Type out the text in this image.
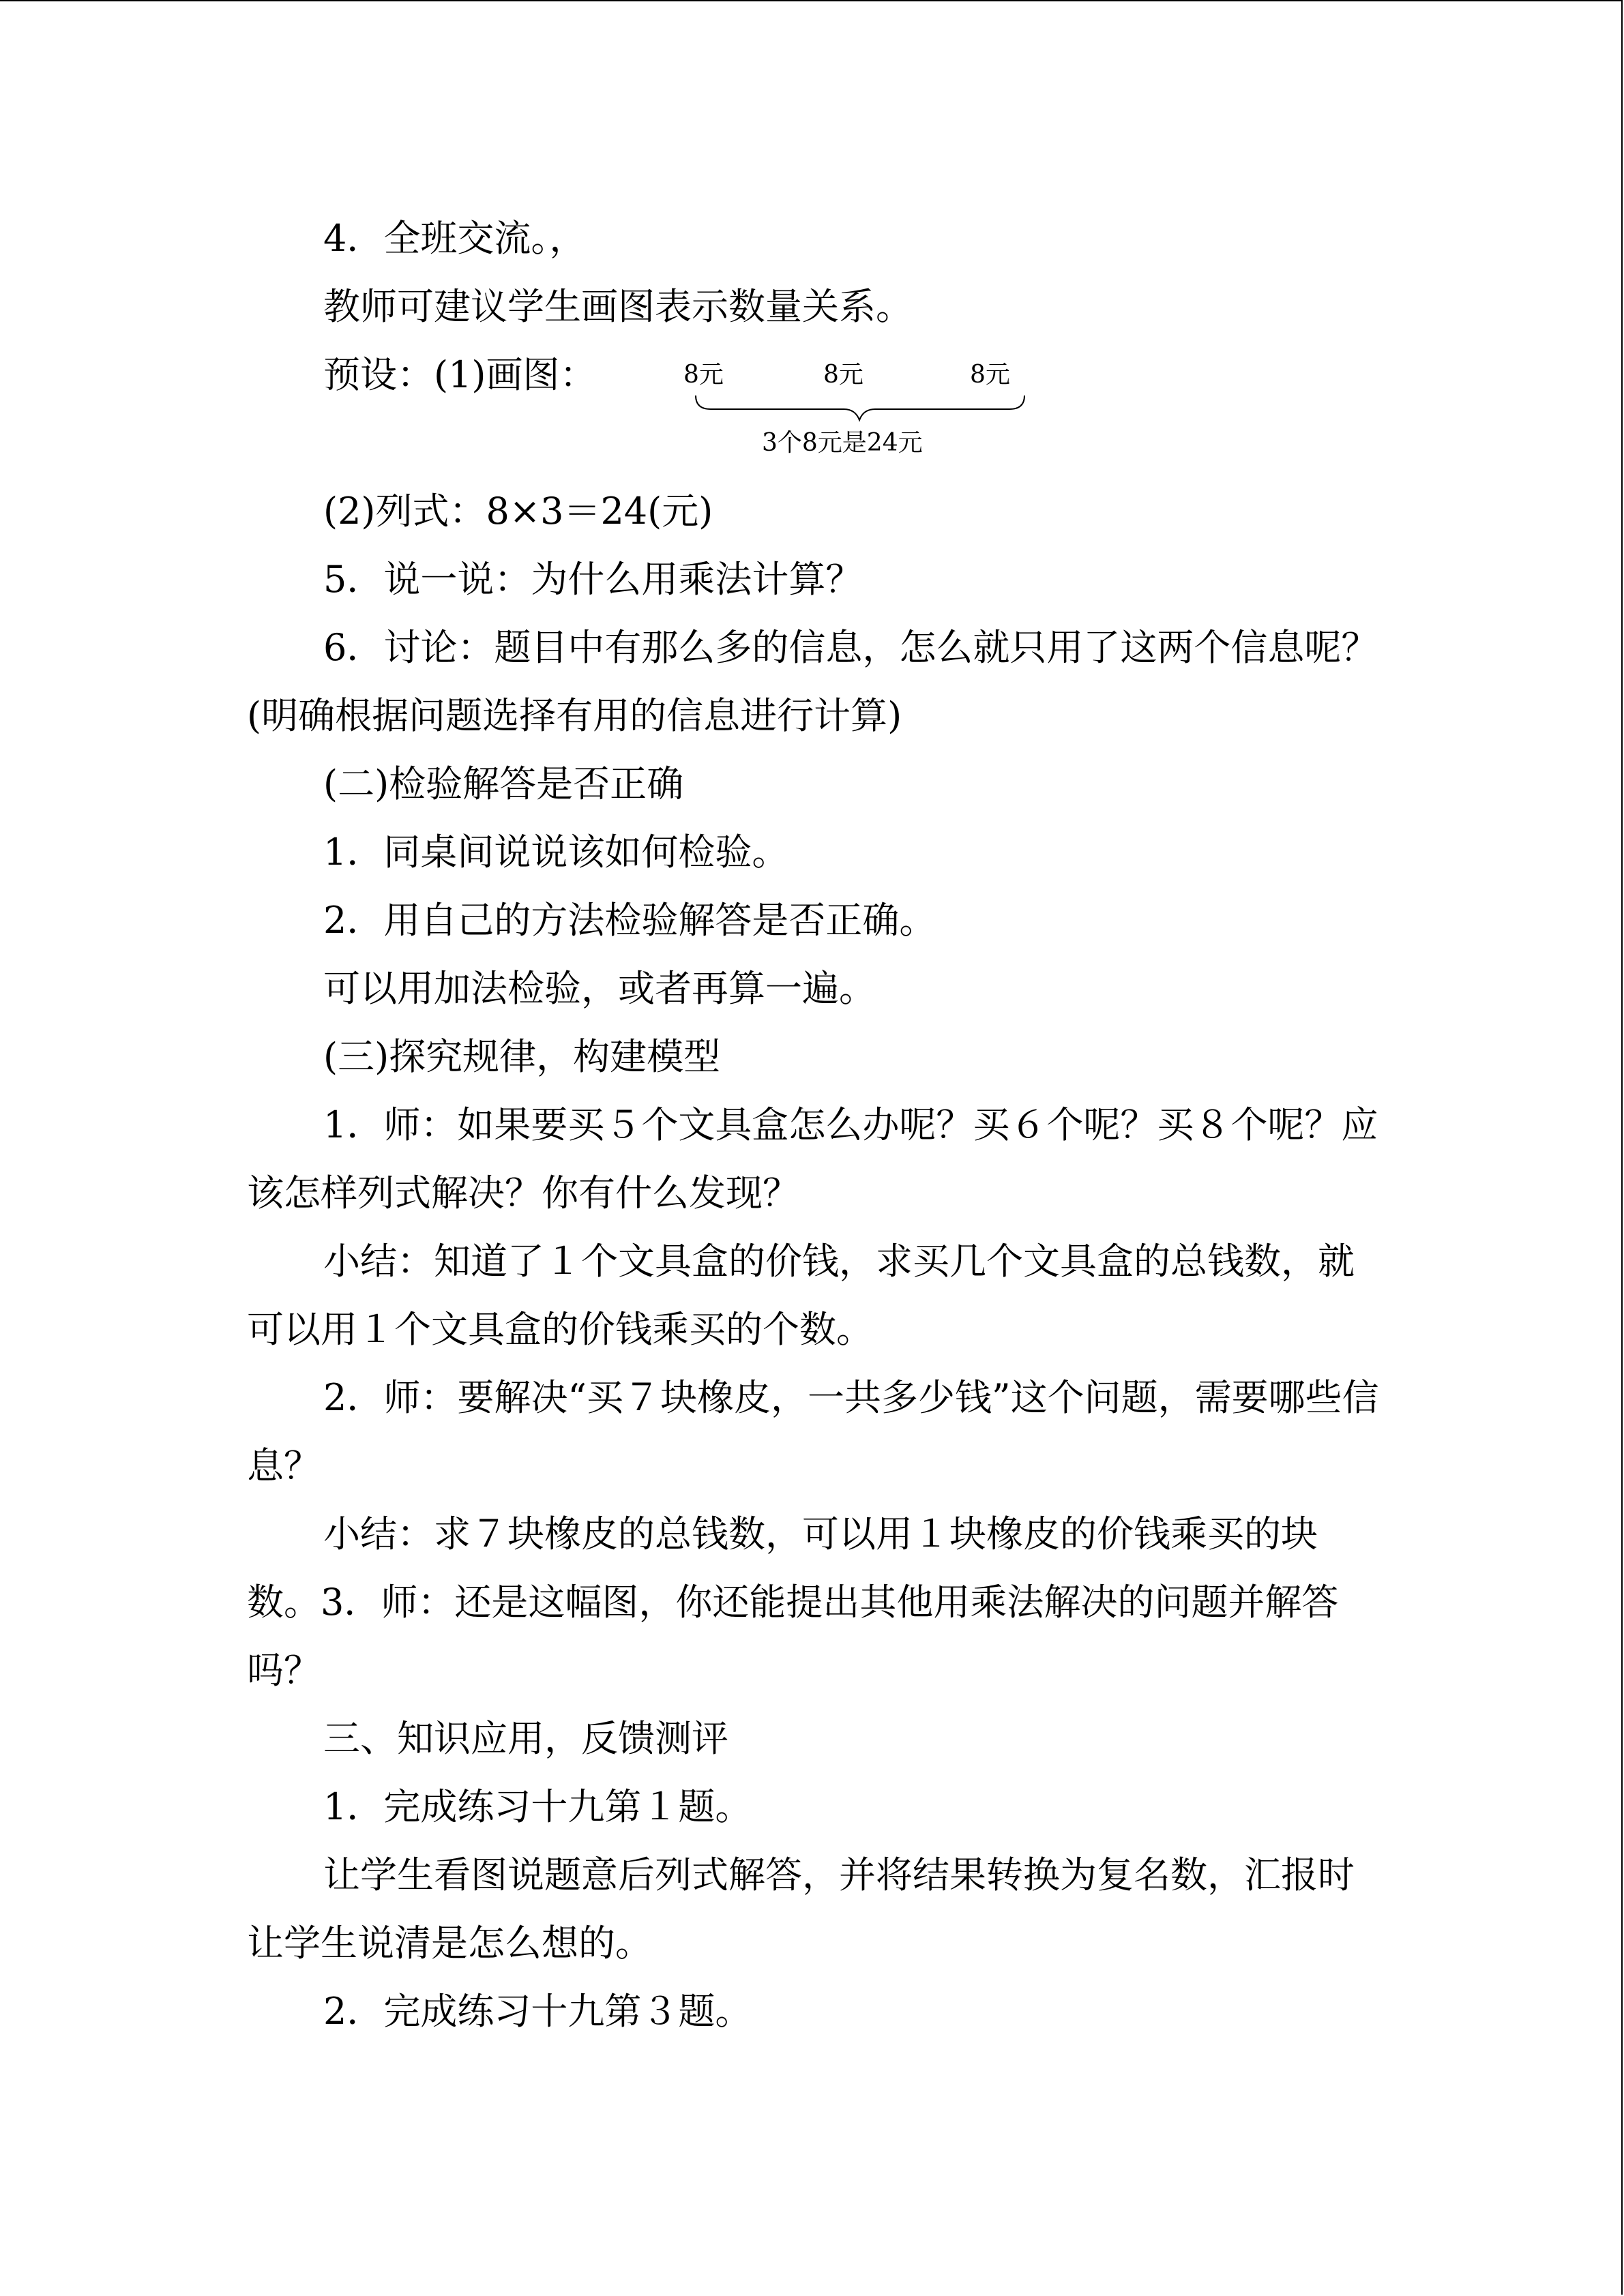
4．全班交流。，

教师可建议学生画图表示数量关系。

预设：(1)画图：	8元	8元	8元
3个8元是24元

(2)列式：8×3＝24(元)

5．说一说：为什么用乘法计算？

6．讨论：题目中有那么多的信息，怎么就只用了这两个信息呢？(明确根据问题选择有用的信息进行计算)

(二)检验解答是否正确

1．同桌间说说该如何检验。

2．用自己的方法检验解答是否正确。

可以用加法检验，或者再算一遍。

(三)探究规律，构建模型

1．师：如果要买５个文具盒怎么办呢？买６个呢？买８个呢？应该怎样列式解决？你有什么发现？

小结：知道了１个文具盒的价钱，求买几个文具盒的总钱数，就可以用１个文具盒的价钱乘买的个数。

2．师：要解决“买７块橡皮，一共多少钱”这个问题，需要哪些信息？

小结：求７块橡皮的总钱数，可以用１块橡皮的价钱乘买的块数。3．师：还是这幅图，你还能提出其他用乘法解决的问题并解答吗？

三、知识应用，反馈测评

1．完成练习十九第１题。

让学生看图说题意后列式解答，并将结果转换为复名数，汇报时让学生说清是怎么想的。

2．完成练习十九第３题。
